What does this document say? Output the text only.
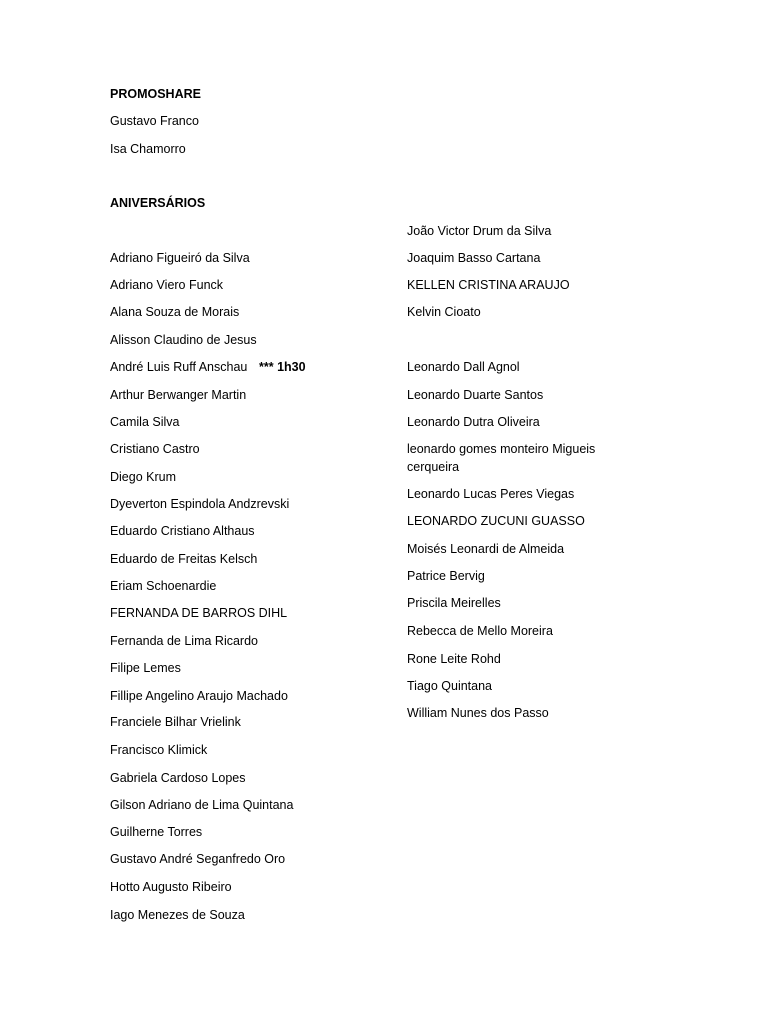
PROMOSHARE
Gustavo Franco
Isa Chamorro
ANIVERSÁRIOS
Adriano Figueiró da Silva
Adriano Viero Funck
Alana Souza de Morais
Alisson Claudino de Jesus
André Luis Ruff Anschau *** 1h30
Arthur Berwanger Martin
Camila Silva
Cristiano Castro
Diego Krum
Dyeverton Espindola Andzrevski
Eduardo Cristiano Althaus
Eduardo de Freitas Kelsch
Eriam Schoenardie
FERNANDA DE BARROS DIHL
Fernanda de Lima Ricardo
Filipe Lemes
Fillipe Angelino Araujo Machado
Franciele Bilhar Vrielink
Francisco Klimick
Gabriela Cardoso Lopes
Gilson Adriano de Lima Quintana
Guilherne Torres
Gustavo André Seganfredo Oro
Hotto Augusto Ribeiro
Iago Menezes de Souza
João Victor Drum da Silva
Joaquim Basso Cartana
KELLEN CRISTINA ARAUJO
Kelvin Cioato
Leonardo Dall Agnol
Leonardo Duarte Santos
Leonardo Dutra Oliveira
leonardo gomes monteiro Migueis cerqueira
Leonardo Lucas Peres Viegas
LEONARDO ZUCUNI GUASSO
Moisés Leonardi de Almeida
Patrice Bervig
Priscila Meirelles
Rebecca de Mello Moreira
Rone Leite Rohd
Tiago Quintana
William Nunes dos Passo
